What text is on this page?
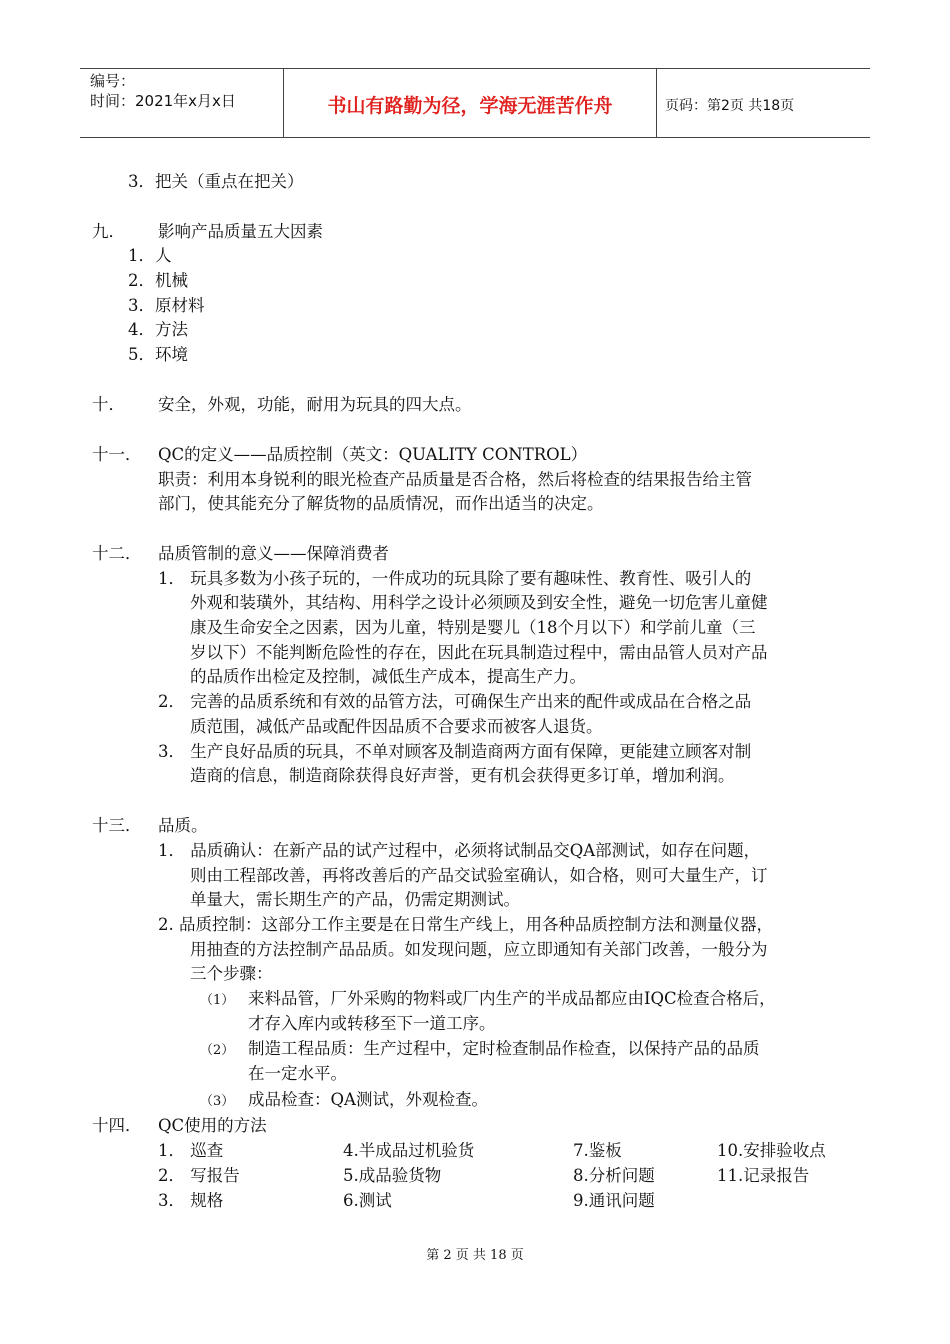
编号：
时间：2021年x月x日	书山有路勤为径，学海无涯苦作舟	页码：第2页 共18页
3．把关（重点在把关）
九． 影响产品质量五大因素
1．人
2．机械
3．原材料
4．方法
5．环境
十． 安全，外观，功能，耐用为玩具的四大点。
十一． QC的定义——品质控制（英文：QUALITY CONTROL）
职责：利用本身锐利的眼光检查产品质量是否合格，然后将检查的结果报告给主管
部门，使其能充分了解货物的品质情况，而作出适当的决定。
十二． 品质管制的意义——保障消费者
1． 玩具多数为小孩子玩的，一件成功的玩具除了要有趣味性、教育性、吸引人的
外观和装璜外，其结构、用科学之设计必须顾及到安全性，避免一切危害儿童健
康及生命安全之因素，因为儿童，特别是婴儿（18个月以下）和学前儿童（三
岁以下）不能判断危险性的存在，因此在玩具制造过程中，需由品管人员对产品
的品质作出检定及控制，减低生产成本，提高生产力。
2． 完善的品质系统和有效的品管方法，可确保生产出来的配件或成品在合格之品
质范围，减低产品或配件因品质不合要求而被客人退货。
3． 生产良好品质的玩具，不单对顾客及制造商两方面有保障，更能建立顾客对制
造商的信息，制造商除获得良好声誉，更有机会获得更多订单，增加利润。
十三． 品质。
1． 品质确认：在新产品的试产过程中，必须将试制品交QA部测试，如存在问题，
则由工程部改善，再将改善后的产品交试验室确认，如合格，则可大量生产，订
单量大，需长期生产的产品，仍需定期测试。
2. 品质控制：这部分工作主要是在日常生产线上，用各种品质控制方法和测量仪器，
用抽查的方法控制产品品质。如发现问题，应立即通知有关部门改善，一般分为
三个步骤：
（1） 来料品管，厂外采购的物料或厂内生产的半成品都应由IQC检查合格后，
才存入库内或转移至下一道工序。
（2） 制造工程品质：生产过程中，定时检查制品作检查，以保持产品的品质
在一定水平。
（3） 成品检查：QA测试，外观检查。
十四． QC使用的方法
1． 巡查	4.半成品过机验货	7.鉴板	10.安排验收点
2． 写报告	5.成品验货物	8.分析问题	11.记录报告
3． 规格	6.测试	9.通讯问题
第 2 页 共 18 页
